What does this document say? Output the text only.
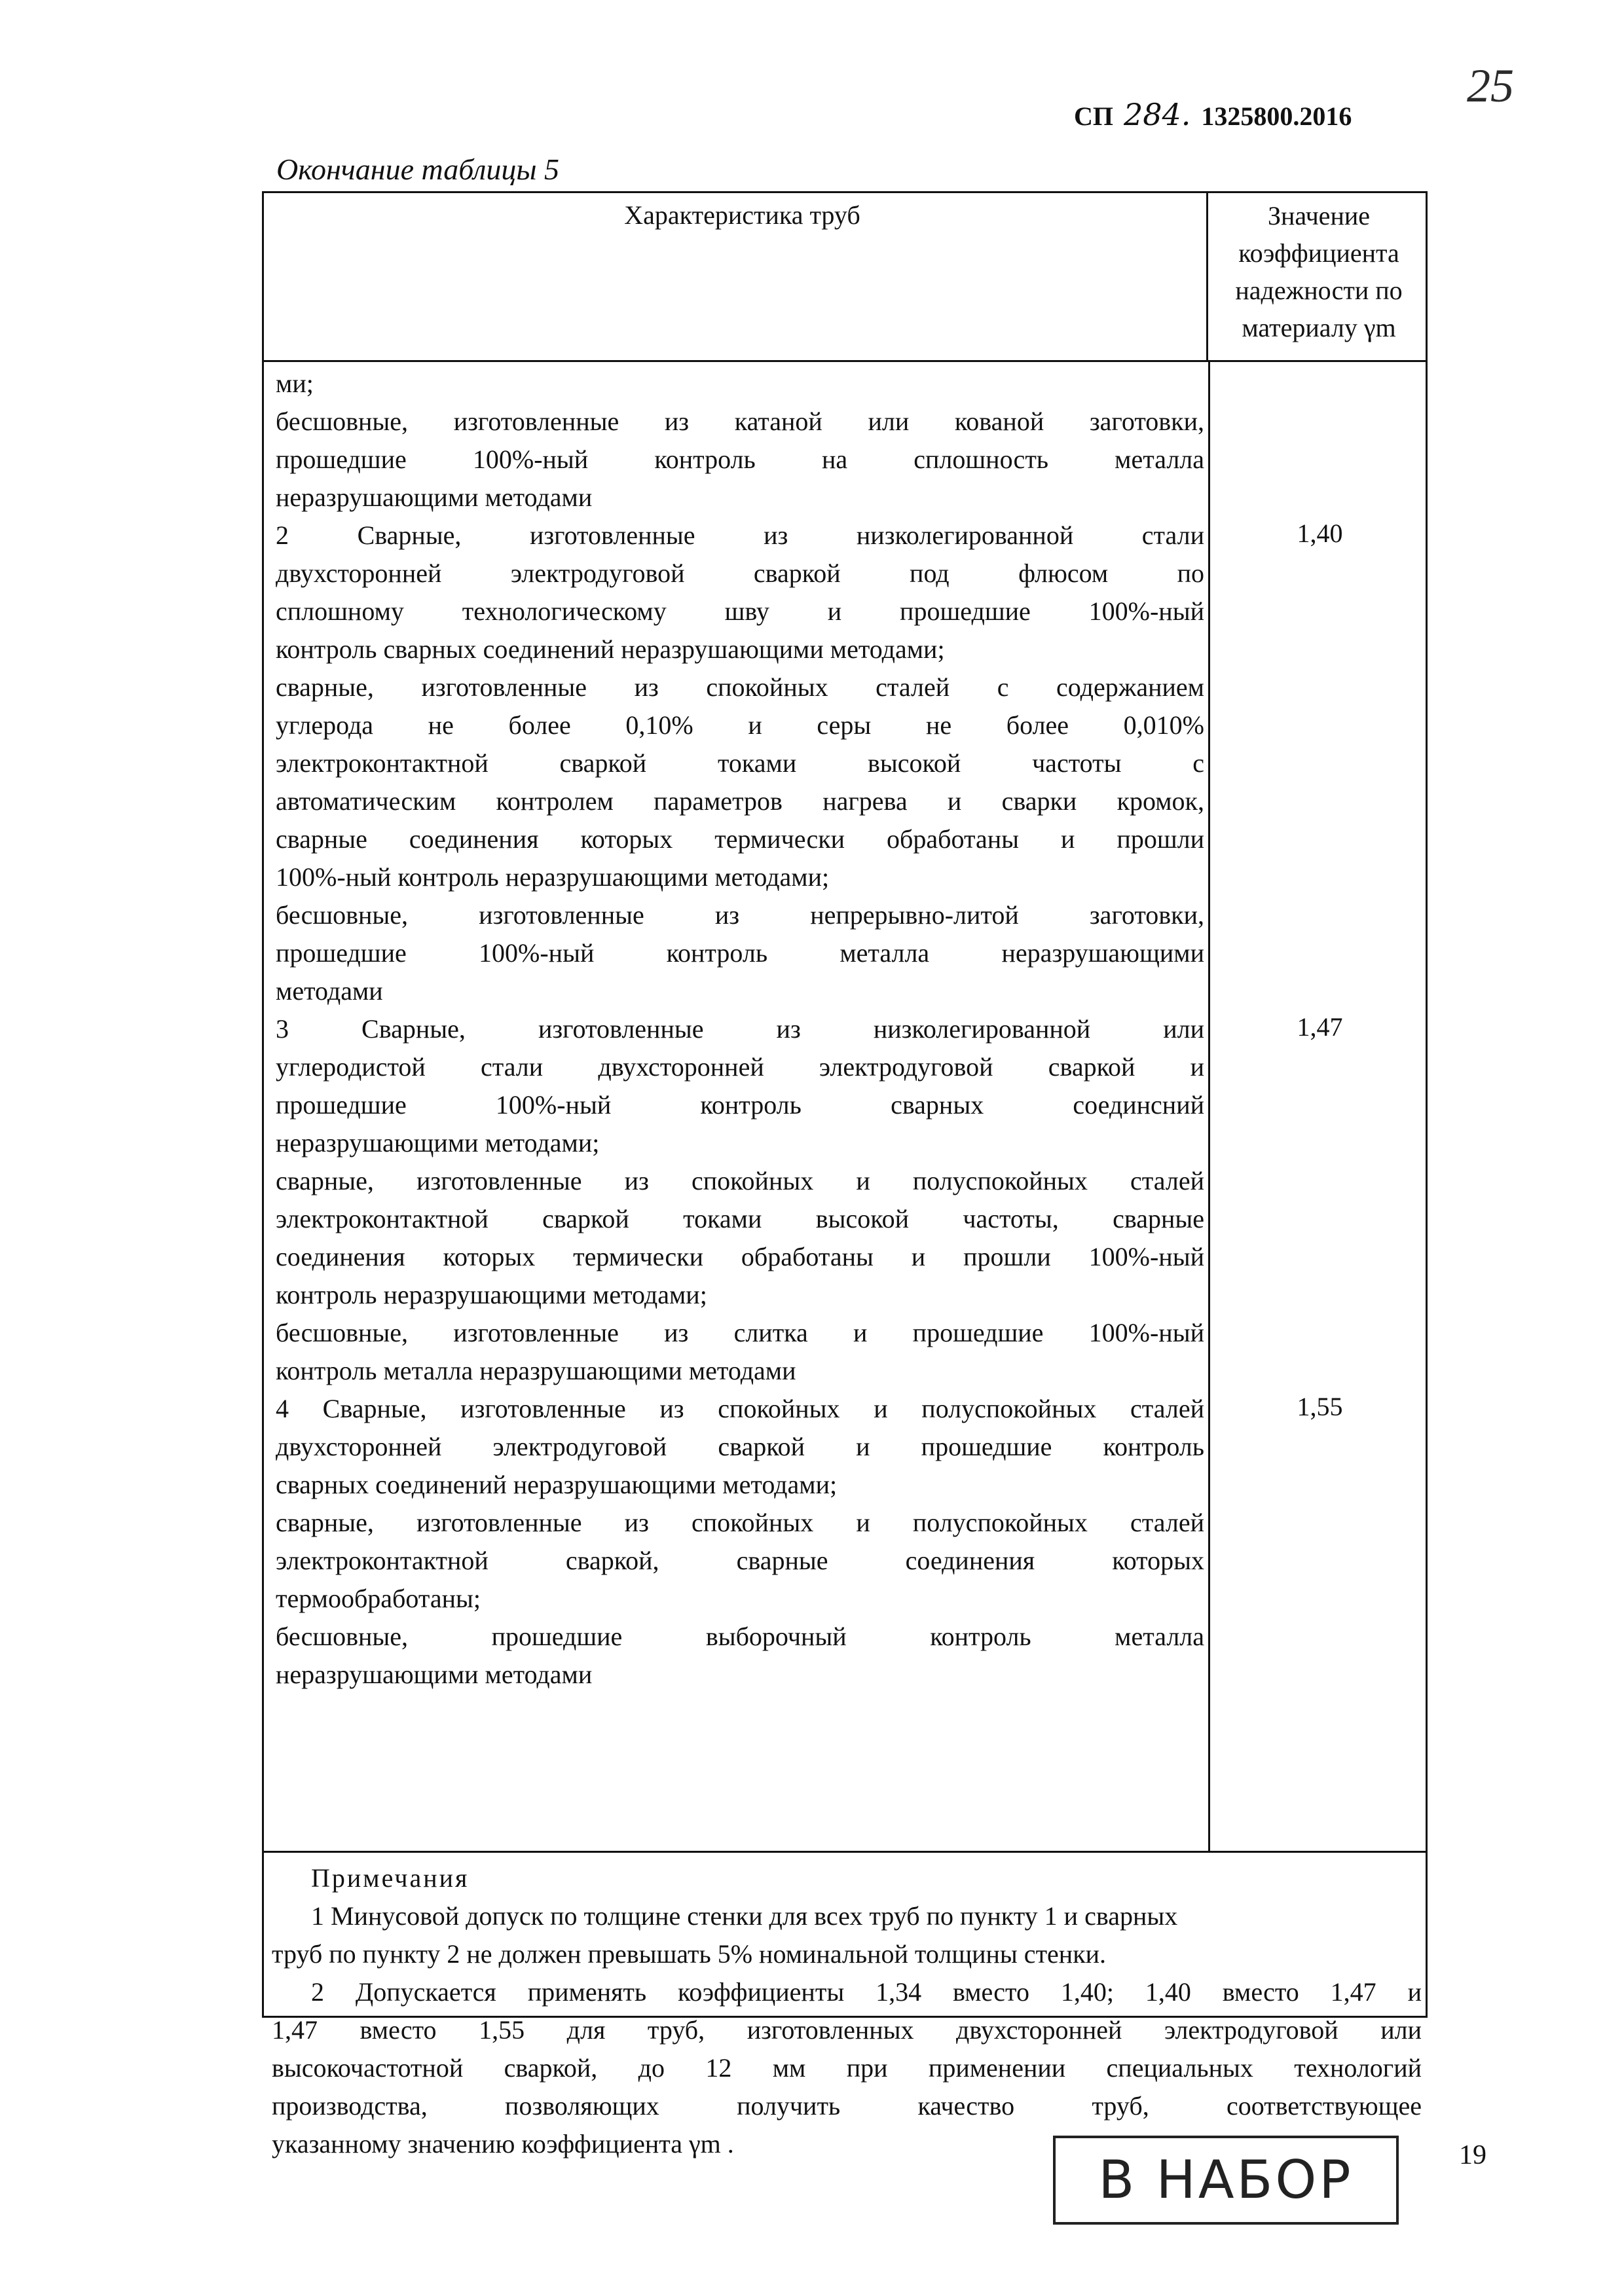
СП 284. 1325800.2016
25
Окончание таблицы 5
Характеристика труб	Значение
коэффициента
надежности по
материалу γm
ми;
бесшовные, изготовленные из катаной или кованой заготовки,
прошедшие 100%-ный контроль на сплошность металла
неразрушающими методами
2 Сварные, изготовленные из низколегированной стали
двухсторонней электродуговой сваркой под флюсом по
сплошному технологическому шву и прошедшие 100%-ный
контроль сварных соединений неразрушающими методами;
сварные, изготовленные из спокойных сталей с содержанием
углерода не более 0,10% и серы не более 0,010%
электроконтактной сваркой токами высокой частоты с
автоматическим контролем параметров нагрева и сварки кромок,
сварные соединения которых термически обработаны и прошли
100%-ный контроль неразрушающими методами;
бесшовные, изготовленные из непрерывно-литой заготовки,
прошедшие 100%-ный контроль металла неразрушающими
методами
3 Сварные, изготовленные из низколегированной или
углеродистой стали двухсторонней электродуговой сваркой и
прошедшие 100%-ный контроль сварных соединсний
неразрушающими методами;
сварные, изготовленные из спокойных и полуспокойных сталей
электроконтактной сваркой токами высокой частоты, сварные
соединения которых термически обработаны и прошли 100%-ный
контроль неразрушающими методами;
бесшовные, изготовленные из слитка и прошедшие 100%-ный
контроль металла неразрушающими методами
4 Сварные, изготовленные из спокойных и полуспокойных сталей
двухсторонней электродуговой сваркой и прошедшие контроль
сварных соединений неразрушающими методами;
сварные, изготовленные из спокойных и полуспокойных сталей
электроконтактной сваркой, сварные соединения которых
термообработаны;
бесшовные, прошедшие выборочный контроль металла
неразрушающими методами
1,40
1,47
1,55
Примечания
1 Минусовой допуск по толщине стенки для всех труб по пункту 1 и сварных
труб по пункту 2 не должен превышать 5% номинальной толщины стенки.
2 Допускается применять коэффициенты 1,34 вместо 1,40; 1,40 вместо 1,47 и
1,47 вместо 1,55 для труб, изготовленных двухсторонней электродуговой или
высокочастотной сваркой, до 12 мм при применении специальных технологий
производства, позволяющих получить качество труб, соответствующее
указанному значению коэффициента γm .
В НАБОР	19
